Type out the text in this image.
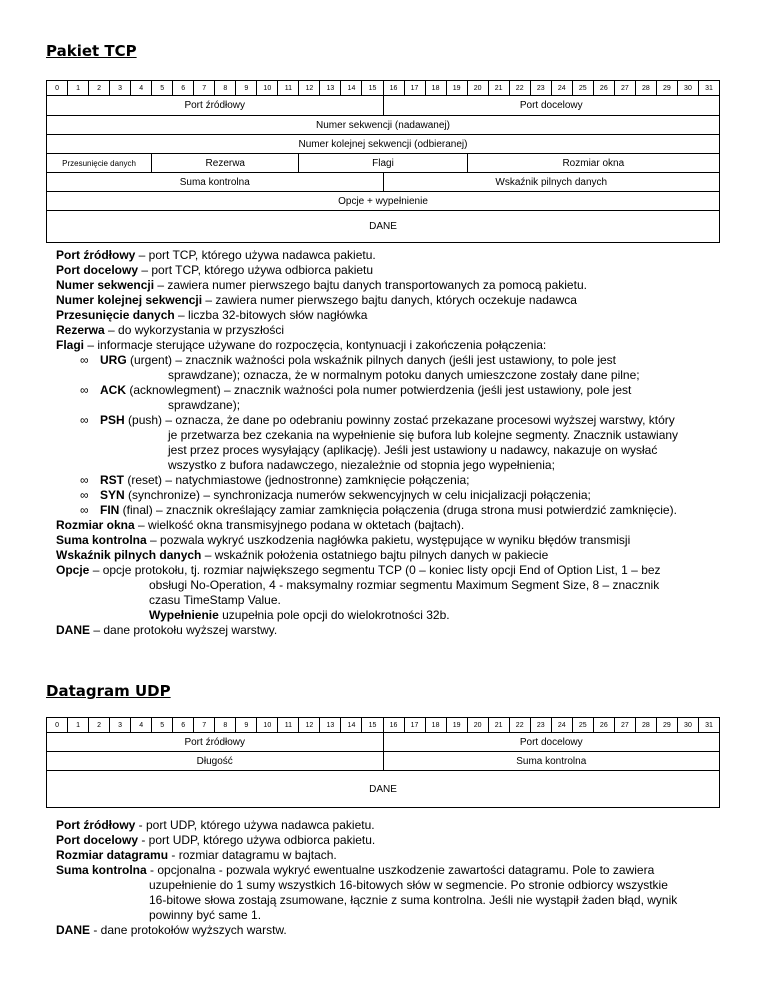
Pakiet TCP
0	1	2	3	4	5	6	7	8	9	10	11	12	13	14	15	16	17	18	19	20	21	22	23	24	25	26	27	28	29	30	31
Port źródłowy																Port docelowy															
Numer sekwencji (nadawanej)																															
Numer kolejnej sekwencji (odbieranej)																															
Przesunięcie danych					Rezerwa							Flagi								Rozmiar okna											
Suma kontrolna																Wskaźnik pilnych danych															
Opcje + wypełnienie																															
DANE																															

Port źródłowy – port TCP, którego używa nadawca pakietu.

Port docelowy – port TCP, którego używa odbiorca pakietu

Numer sekwencji – zawiera numer pierwszego bajtu danych transportowanych za pomocą pakietu.

Numer kolejnej sekwencji – zawiera numer pierwszego bajtu danych, których oczekuje nadawca

Przesunięcie danych – liczba 32-bitowych słów nagłówka

Rezerwa – do wykorzystania w przyszłości

Flagi – informacje sterujące używane do rozpoczęcia, kontynuacji i zakończenia połączenia:

∞ URG (urgent) – znacznik ważności pola wskaźnik pilnych danych (jeśli jest ustawiony, to pole jest
sprawdzane); oznacza, że w normalnym potoku danych umieszczone zostały dane pilne;

∞ ACK (acknowlegment) – znacznik ważności pola numer potwierdzenia (jeśli jest ustawiony, pole jest
sprawdzane);

∞ PSH (push) – oznacza, że dane po odebraniu powinny zostać przekazane procesowi wyższej warstwy, który
je przetwarza bez czekania na wypełnienie się bufora lub kolejne segmenty. Znacznik ustawiany
jest przez proces wysyłający (aplikację). Jeśli jest ustawiony u nadawcy, nakazuje on wysłać
wszystko z bufora nadawczego, niezależnie od stopnia jego wypełnienia;

∞ RST (reset) – natychmiastowe (jednostronne) zamknięcie połączenia;

∞ SYN (synchronize) – synchronizacja numerów sekwencyjnych w celu inicjalizacji połączenia;

∞ FIN (final) – znacznik określający zamiar zamknięcia połączenia (druga strona musi potwierdzić zamknięcie).

Rozmiar okna – wielkość okna transmisyjnego podana w oktetach (bajtach).

Suma kontrolna – pozwala wykryć uszkodzenia nagłówka pakietu, występujące w wyniku błędów transmisji

Wskaźnik pilnych danych – wskaźnik położenia ostatniego bajtu pilnych danych w pakiecie

Opcje – opcje protokołu, tj. rozmiar największego segmentu TCP (0 – koniec listy opcji End of Option List, 1 – bez
obsługi No-Operation, 4 - maksymalny rozmiar segmentu Maximum Segment Size, 8 – znacznik
czasu TimeStamp Value.
Wypełnienie uzupełnia pole opcji do wielokrotności 32b.

DANE – dane protokołu wyższej warstwy.

Datagram UDP
0	1	2	3	4	5	6	7	8	9	10	11	12	13	14	15	16	17	18	19	20	21	22	23	24	25	26	27	28	29	30	31
Port źródłowy																Port docelowy															
Długość																Suma kontrolna															
DANE																															

Port źródłowy - port UDP, którego używa nadawca pakietu.

Port docelowy - port UDP, którego używa odbiorca pakietu.

Rozmiar datagramu - rozmiar datagramu w bajtach.

Suma kontrolna - opcjonalna - pozwala wykryć ewentualne uszkodzenie zawartości datagramu. Pole to zawiera
uzupełnienie do 1 sumy wszystkich 16-bitowych słów w segmencie. Po stronie odbiorcy wszystkie
16-bitowe słowa zostają zsumowane, łącznie z suma kontrolna. Jeśli nie wystąpił żaden błąd, wynik
powinny być same 1.

DANE - dane protokołów wyższych warstw.
